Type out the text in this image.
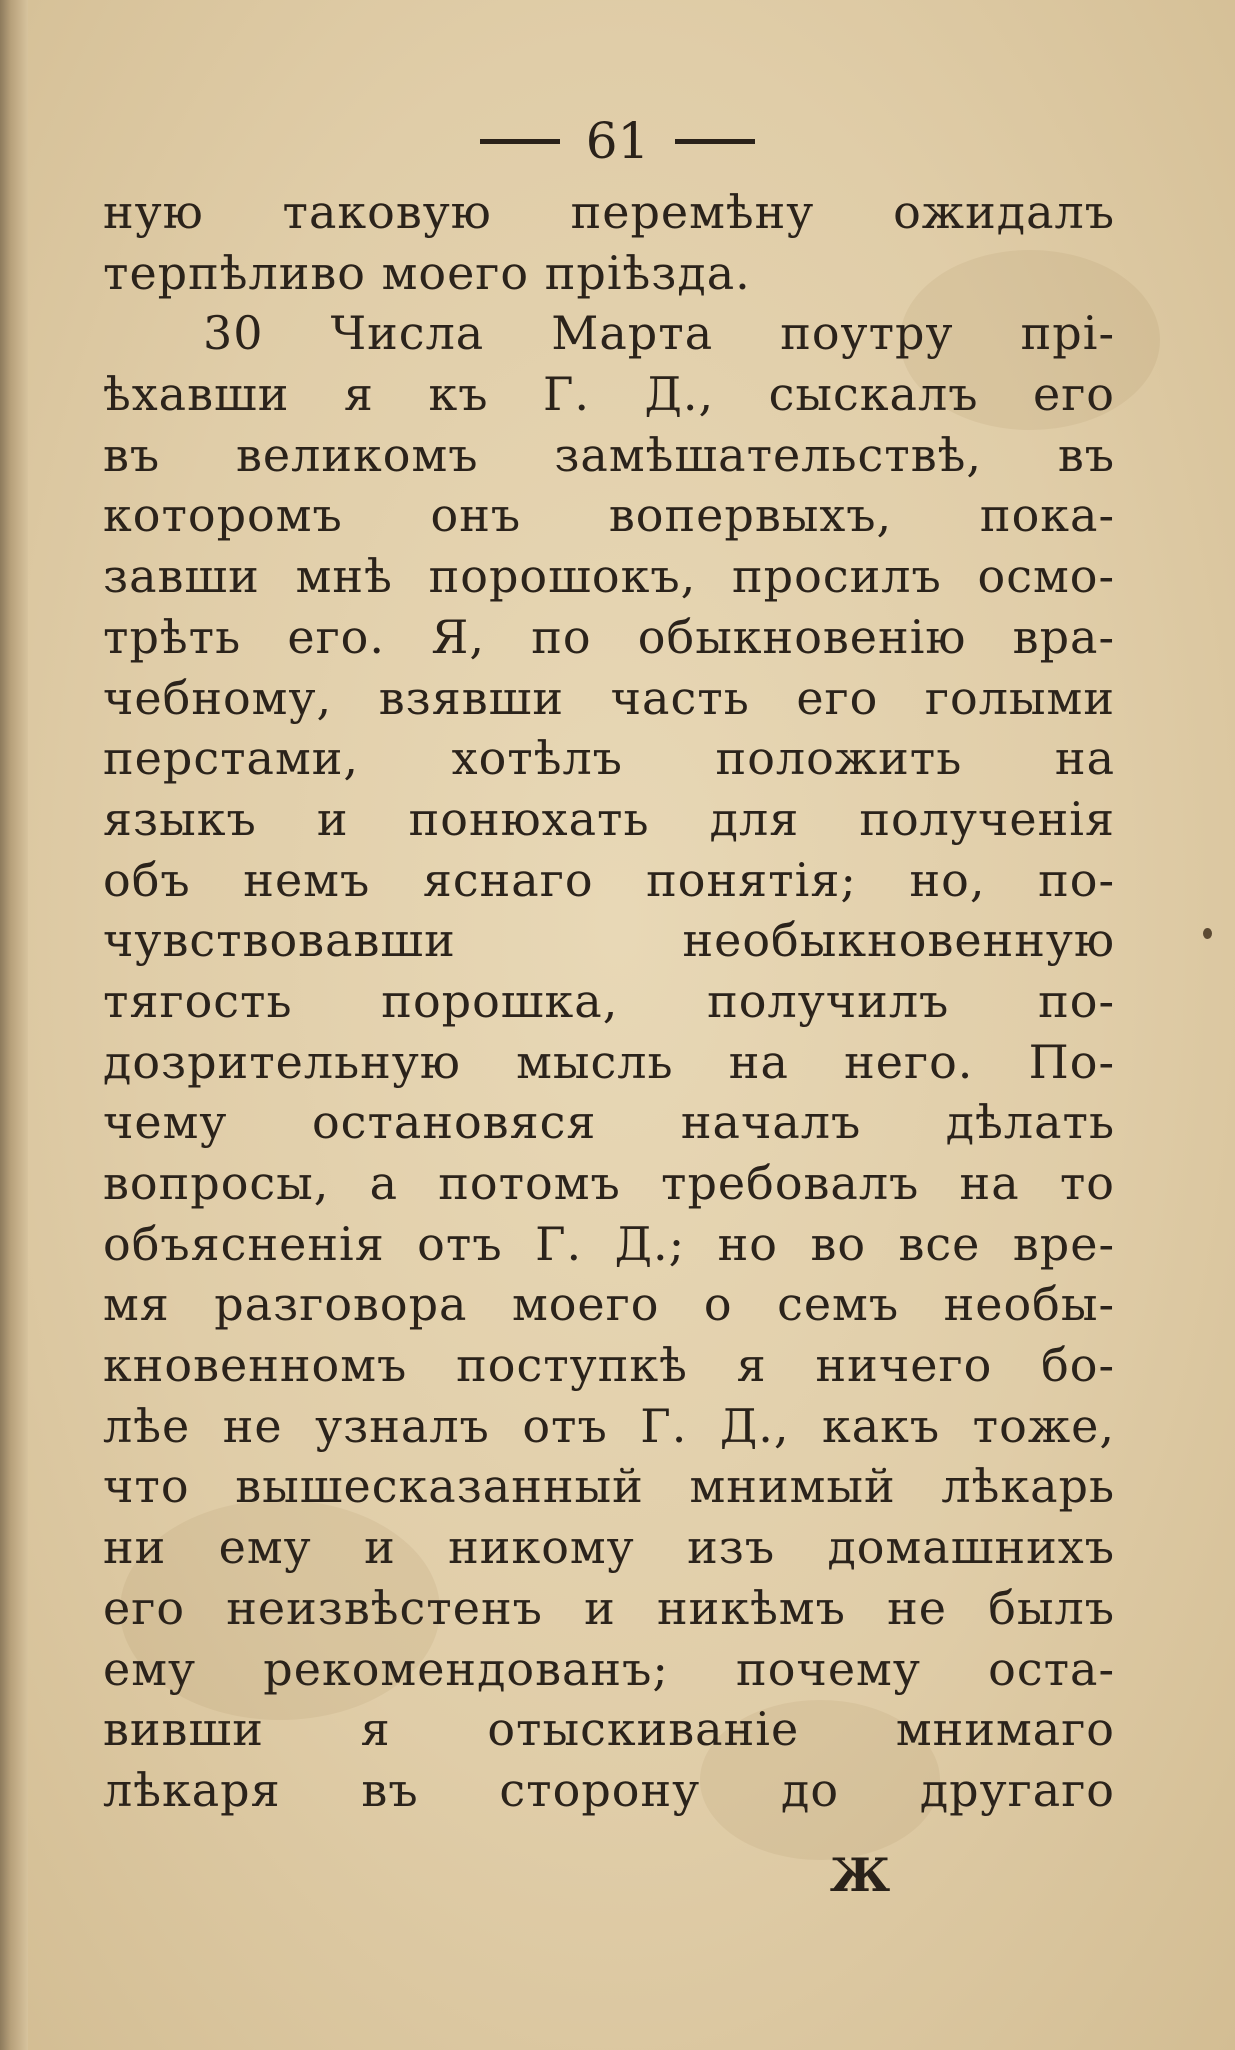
61
ную таковую перемѣну ожидалъ
терпѣливо моего прiѣзда.
30 Числа Марта поутру прi-
ѣхавши я къ Г. Д., сыскалъ его
въ великомъ замѣшательствѣ, въ
которомъ онъ вопервыхъ, пока-
завши мнѣ порошокъ, просилъ осмо-
трѣть его. Я, по обыкновенiю вра-
чебному, взявши часть его голыми
перстами, хотѣлъ положить на
языкъ и понюхать для полученiя
объ немъ яснаго понятiя; но, по-
чувствовавши необыкновенную
тягость порошка, получилъ по-
дозрительную мысль на него. По-
чему остановяся началъ дѣлать
вопросы, а потомъ требовалъ на то
объясненiя отъ Г. Д.; но во все вре-
мя разговора моего о семъ необы-
кновенномъ поступкѣ я ничего бо-
лѣе не узналъ отъ Г. Д., какъ тоже,
что вышесказанный мнимый лѣкарь
ни ему и никому изъ домашнихъ
его неизвѣстенъ и никѣмъ не былъ
ему рекомендованъ; почему оста-
вивши я отыскиванiе мнимаго
лѣкаря въ сторону до другаго
Ж
